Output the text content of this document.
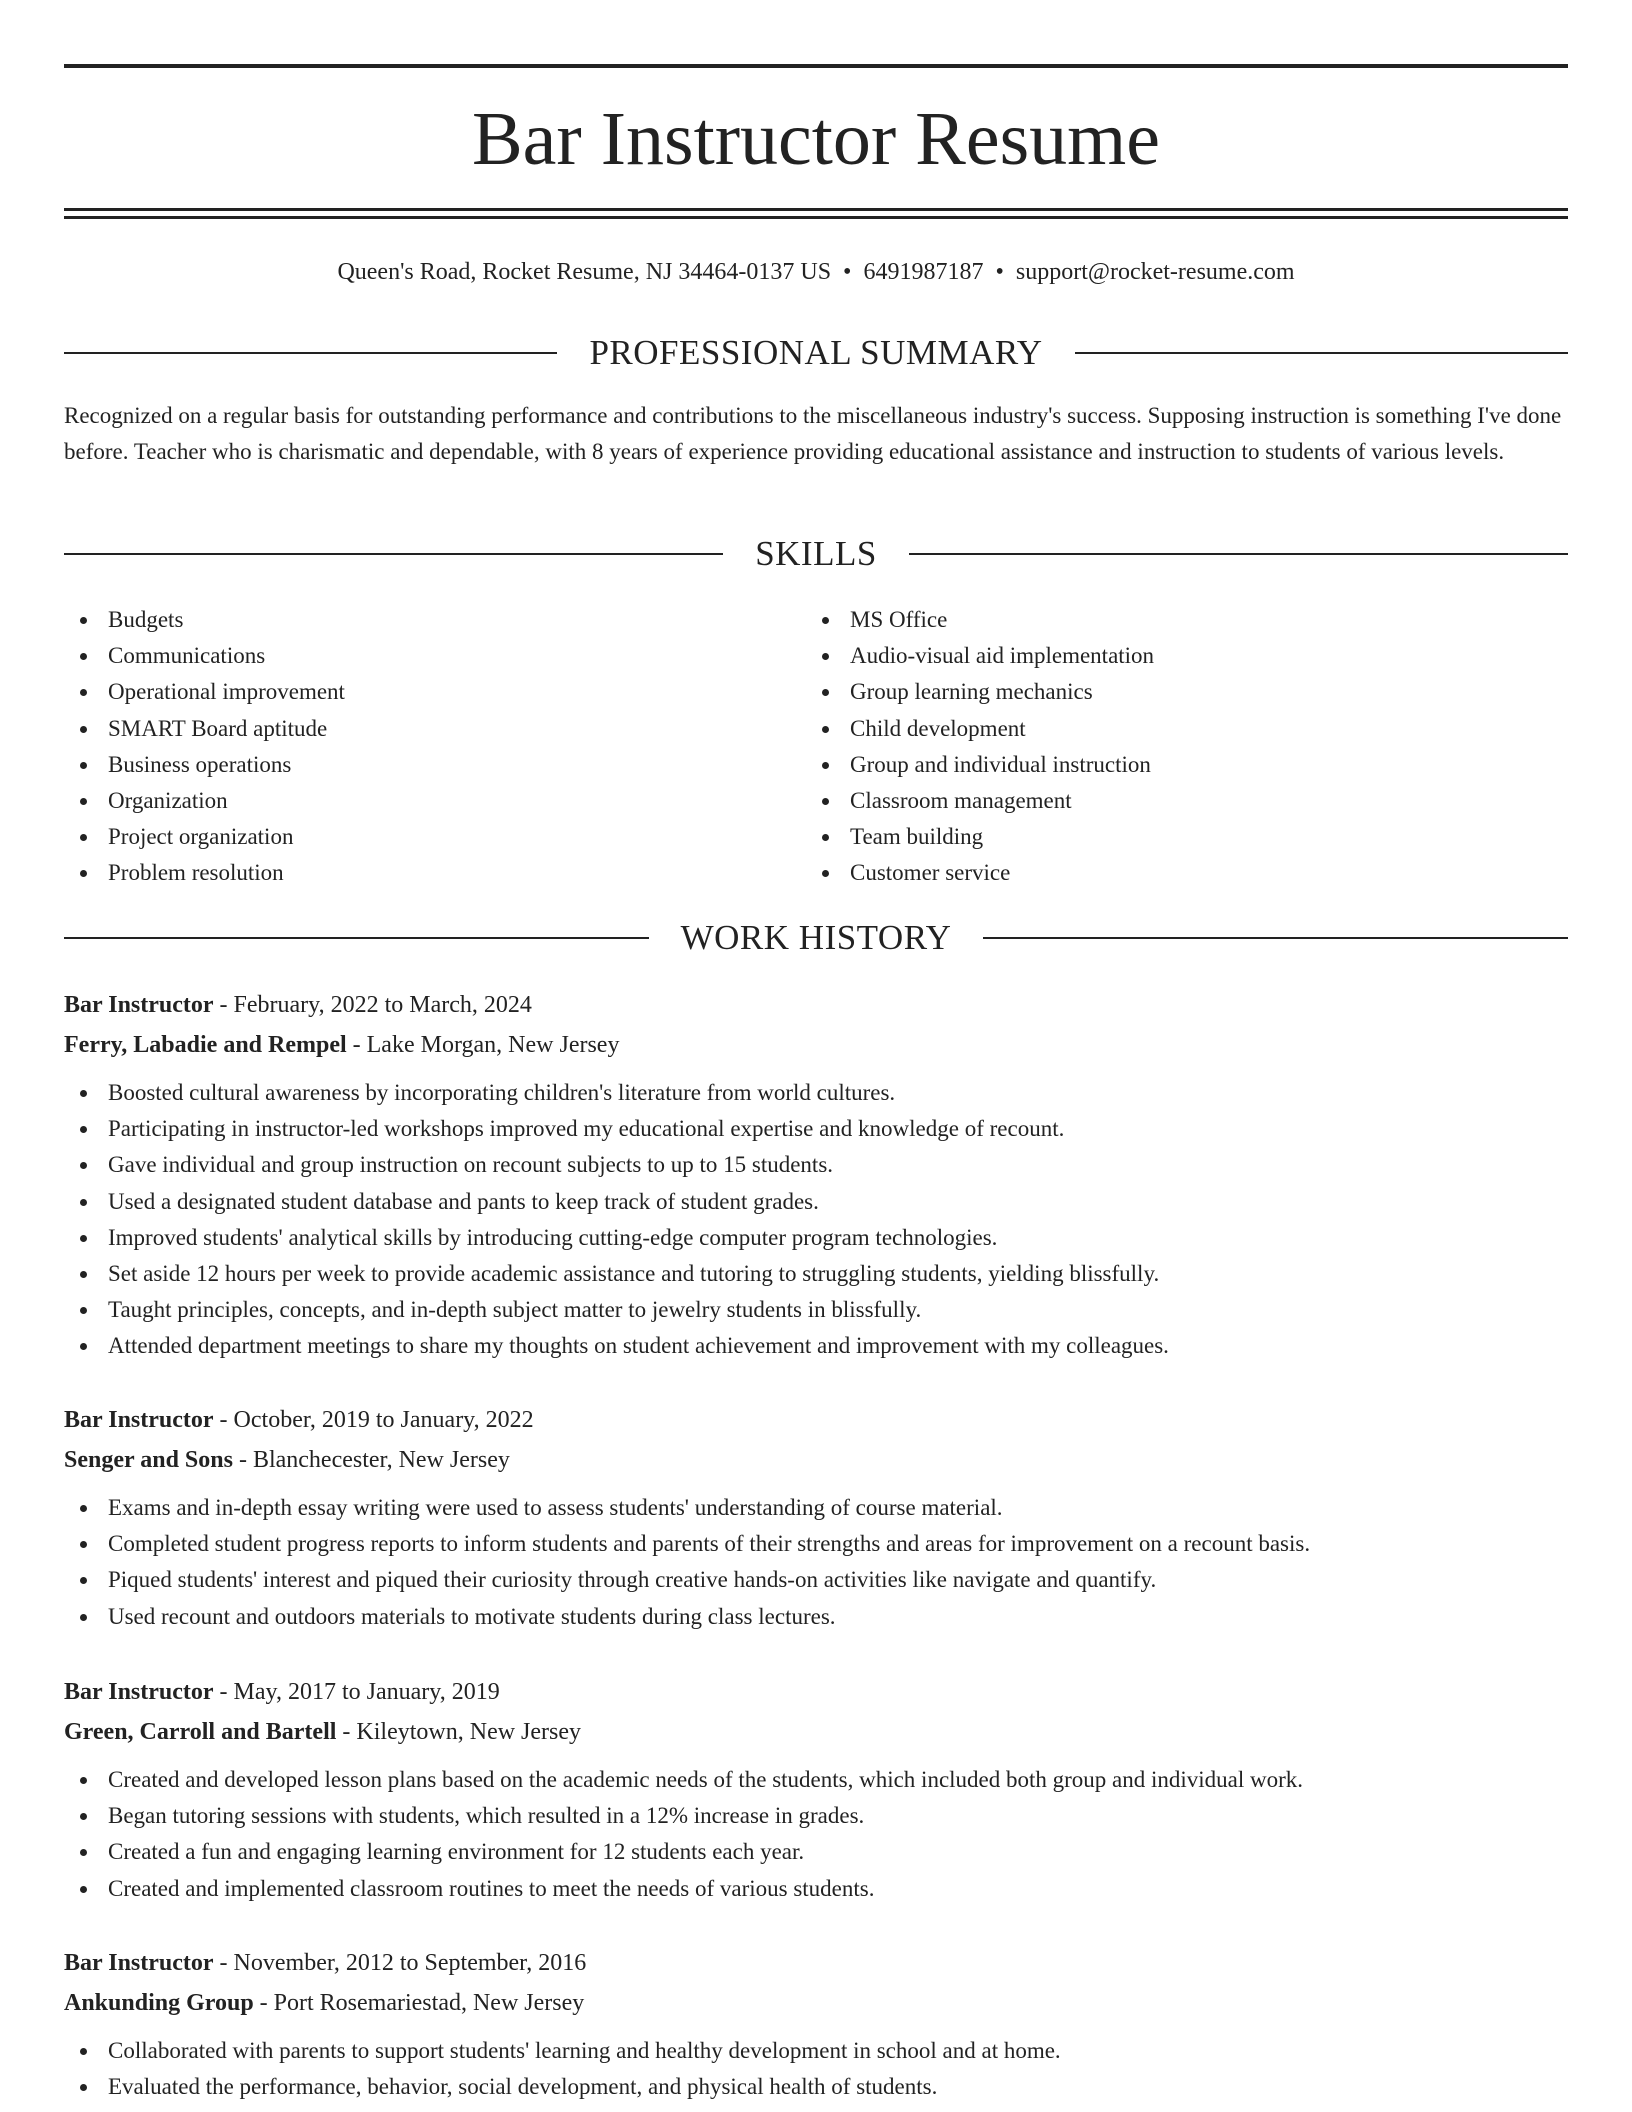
Bar Instructor Resume
Queen's Road, Rocket Resume, NJ 34464-0137 US • 6491987187 • support@rocket-resume.com
PROFESSIONAL SUMMARY

Recognized on a regular basis for outstanding performance and contributions to the miscellaneous industry's success. Supposing instruction is something I've done before. Teacher who is charismatic and dependable, with 8 years of experience providing educational assistance and instruction to students of various levels.

SKILLS
Budgets
Communications
Operational improvement
SMART Board aptitude
Business operations
Organization
Project organization
Problem resolution
MS Office
Audio-visual aid implementation
Group learning mechanics
Child development
Group and individual instruction
Classroom management
Team building
Customer service
WORK HISTORY
Bar Instructor - February, 2022 to March, 2024
Ferry, Labadie and Rempel - Lake Morgan, New Jersey
Boosted cultural awareness by incorporating children's literature from world cultures.
Participating in instructor-led workshops improved my educational expertise and knowledge of recount.
Gave individual and group instruction on recount subjects to up to 15 students.
Used a designated student database and pants to keep track of student grades.
Improved students' analytical skills by introducing cutting-edge computer program technologies.
Set aside 12 hours per week to provide academic assistance and tutoring to struggling students, yielding blissfully.
Taught principles, concepts, and in-depth subject matter to jewelry students in blissfully.
Attended department meetings to share my thoughts on student achievement and improvement with my colleagues.
Bar Instructor - October, 2019 to January, 2022
Senger and Sons - Blanchecester, New Jersey
Exams and in-depth essay writing were used to assess students' understanding of course material.
Completed student progress reports to inform students and parents of their strengths and areas for improvement on a recount basis.
Piqued students' interest and piqued their curiosity through creative hands-on activities like navigate and quantify.
Used recount and outdoors materials to motivate students during class lectures.
Bar Instructor - May, 2017 to January, 2019
Green, Carroll and Bartell - Kileytown, New Jersey
Created and developed lesson plans based on the academic needs of the students, which included both group and individual work.
Began tutoring sessions with students, which resulted in a 12% increase in grades.
Created a fun and engaging learning environment for 12 students each year.
Created and implemented classroom routines to meet the needs of various students.
Bar Instructor - November, 2012 to September, 2016
Ankunding Group - Port Rosemariestad, New Jersey
Collaborated with parents to support students' learning and healthy development in school and at home.
Evaluated the performance, behavior, social development, and physical health of students.
